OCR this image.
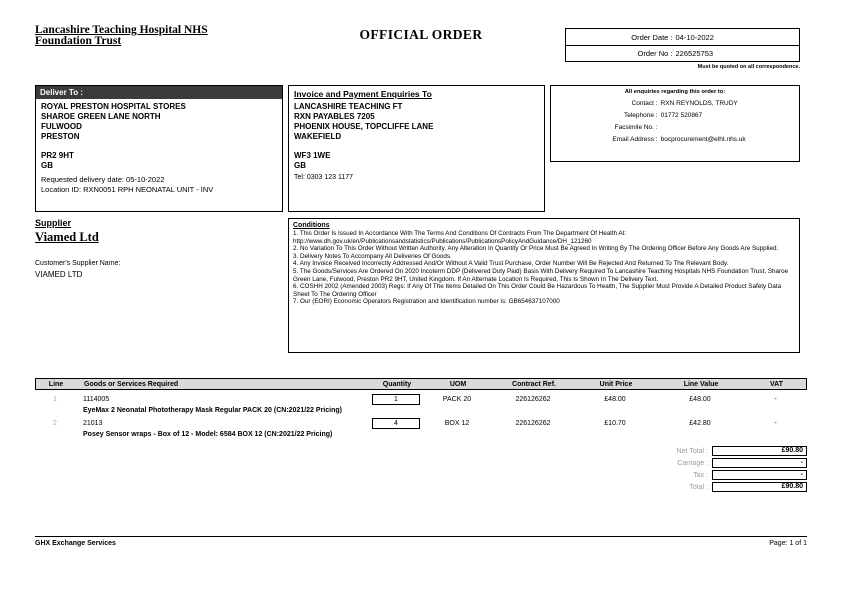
Lancashire Teaching Hospital NHS
Foundation Trust	OFFICIAL ORDER	Order Date : 04-10-2022
Order No : 226525753
Must be quoted on all correspondence.
Deliver To :
ROYAL PRESTON HOSPITAL STORES
SHAROE GREEN LANE NORTH
FULWOOD
PRESTON
PR2 9HT
GB
Requested delivery date: 05-10-2022
Location ID: RXN0051 RPH NEONATAL UNIT - INV
Invoice and Payment Enquiries To
LANCASHIRE TEACHING FT
RXN PAYABLES 7205
PHOENIX HOUSE, TOPCLIFFE LANE
WAKEFIELD
WF3 1WE
GB
Tel: 0303 123 1177
All enquiries regarding this order to:
Contact : RXN REYNOLDS, TRUDY
Telephone : 01772 520867
Facsimile No. :
Email Address : bocprocurement@elht.nhs.uk
Supplier
Viamed Ltd
Customer's Supplier Name:
VIAMED LTD
Conditions
1. This Order Is Issued In Accordance With The Terms And Conditions Of Contracts From The Department Of Health At: http://www.dh.gov.uk/en/Publicationsandstatistics/Publications/PublicationsPolicyAndGuidance/DH_121260
2. No Variation To This Order Without Written Authority. Any Alteration In Quantity Or Price Must Be Agreed In Writing By The Ordering Officer Before Any Goods Are Supplied.
3. Delivery Notes To Accompany All Deliveries Of Goods.
4. Any Invoice Received Incorrectly Addressed And/Or Without A Valid Trust Purchase, Order Number Will Be Rejected And Returned To The Relevant Body.
5. The Goods/Services Are Ordered On 2020 Incoterm DDP (Delivered Duty Paid) Basis With Delivery Required To Lancashire Teaching Hospitals NHS Foundation Trust, Sharoe Green Lane, Fulwood, Preston PR2 9HT, United Kingdom. If An Alternate Location Is Required, This Is Shown In The Delivery Text.
6. COSHH 2002 (Amended 2003) Regs: If Any Of The Items Detailed On This Order Could Be Hazardous To Health, The Supplier Must Provide A Detailed Product Safety Data Sheet To The Ordering Officer
7. Our (EORI) Economic Operators Registration and Identification number is: GB654637107000
Line	Goods or Services Required	Quantity	UOM	Contract Ref.	Unit Price	Line Value	VAT
1	1114005	1	PACK 20	226126262	£48.00	£48.00	-
EyeMax 2 Neonatal Phototherapy Mask Regular PACK 20 (CN:2021/22 Pricing)
2	21013	4	BOX 12	226126262	£10.70	£42.80	-
Posey Sensor wraps - Box of 12 - Model: 6584 BOX 12 (CN:2021/22 Pricing)
Net Total :	£90.80
Carriage :	-
Tax :	-
Total :	£90.80
GHX Exchange Services	Page: 1 of 1
